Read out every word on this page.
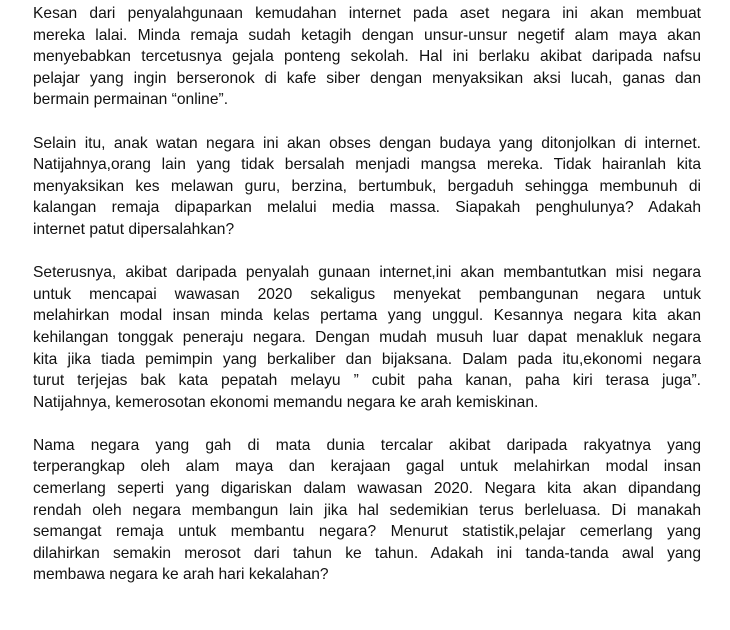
Kesan dari penyalahgunaan kemudahan internet pada aset negara ini akan membuat
mereka lalai. Minda remaja sudah ketagih dengan unsur-unsur negetif alam maya akan
menyebabkan tercetusnya gejala ponteng sekolah. Hal ini berlaku akibat daripada nafsu
pelajar yang ingin berseronok di kafe siber dengan menyaksikan aksi lucah, ganas dan
bermain permainan “online”.

Selain itu, anak watan negara ini akan obses dengan budaya yang ditonjolkan di internet.
Natijahnya,orang lain yang tidak bersalah menjadi mangsa mereka. Tidak hairanlah kita
menyaksikan kes melawan guru, berzina, bertumbuk, bergaduh sehingga membunuh di
kalangan remaja dipaparkan melalui media massa. Siapakah penghulunya? Adakah
internet patut dipersalahkan?

Seterusnya, akibat daripada penyalah gunaan internet,ini akan membantutkan misi negara
untuk mencapai wawasan 2020 sekaligus menyekat pembangunan negara untuk
melahirkan modal insan minda kelas pertama yang unggul. Kesannya negara kita akan
kehilangan tonggak peneraju negara. Dengan mudah musuh luar dapat menakluk negara
kita jika tiada pemimpin yang berkaliber dan bijaksana. Dalam pada itu,ekonomi negara
turut terjejas bak kata pepatah melayu ” cubit paha kanan, paha kiri terasa juga”.
Natijahnya, kemerosotan ekonomi memandu negara ke arah kemiskinan.

Nama negara yang gah di mata dunia tercalar akibat daripada rakyatnya yang
terperangkap oleh alam maya dan kerajaan gagal untuk melahirkan modal insan
cemerlang seperti yang digariskan dalam wawasan 2020. Negara kita akan dipandang
rendah oleh negara membangun lain jika hal sedemikian terus berleluasa. Di manakah
semangat remaja untuk membantu negara? Menurut statistik,pelajar cemerlang yang
dilahirkan semakin merosot dari tahun ke tahun. Adakah ini tanda-tanda awal yang
membawa negara ke arah hari kekalahan?
